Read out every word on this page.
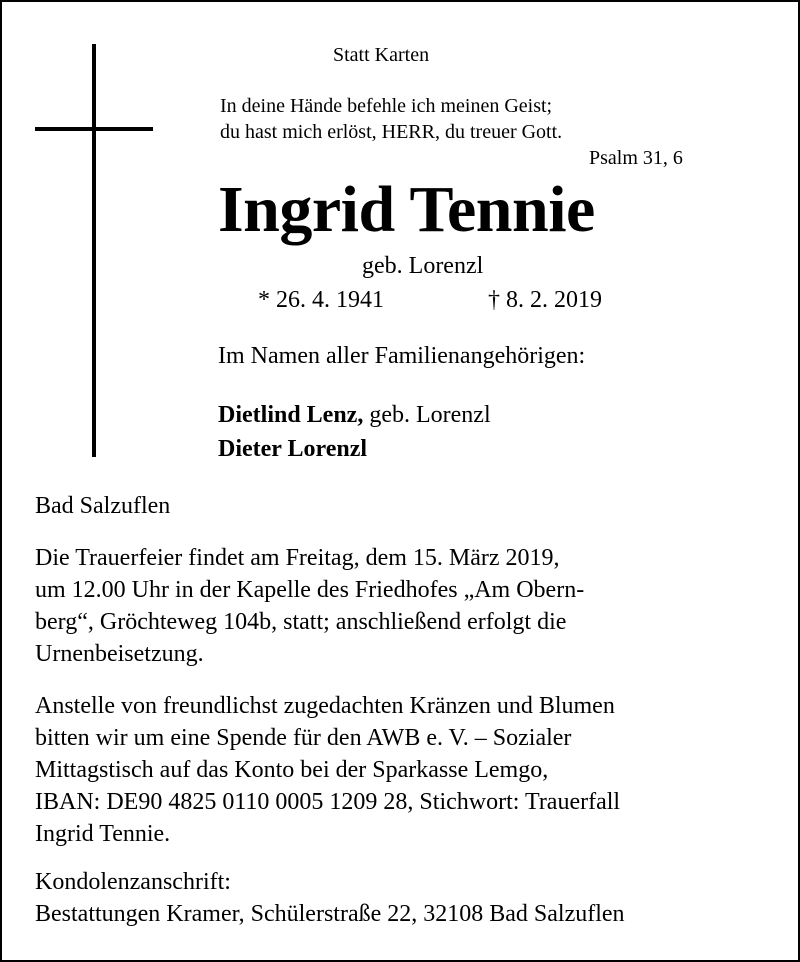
Statt Karten
In deine Hände befehle ich meinen Geist;
du hast mich erlöst, HERR, du treuer Gott.
Psalm 31, 6
Ingrid Tennie
geb. Lorenzl
* 26. 4. 1941	† 8. 2. 2019
Im Namen aller Familienangehörigen:
Dietlind Lenz, geb. Lorenzl
Dieter Lorenzl
Bad Salzuflen
Die Trauerfeier findet am Freitag, dem 15. März 2019,
um 12.00 Uhr in der Kapelle des Friedhofes „Am Obern-
berg“, Gröchteweg 104b, statt; anschließend erfolgt die
Urnenbeisetzung.
Anstelle von freundlichst zugedachten Kränzen und Blumen
bitten wir um eine Spende für den AWB e. V. – Sozialer
Mittagstisch auf das Konto bei der Sparkasse Lemgo,
IBAN: DE90 4825 0110 0005 1209 28, Stichwort: Trauerfall
Ingrid Tennie.
Kondolenzanschrift:
Bestattungen Kramer, Schülerstraße 22, 32108 Bad Salzuflen
